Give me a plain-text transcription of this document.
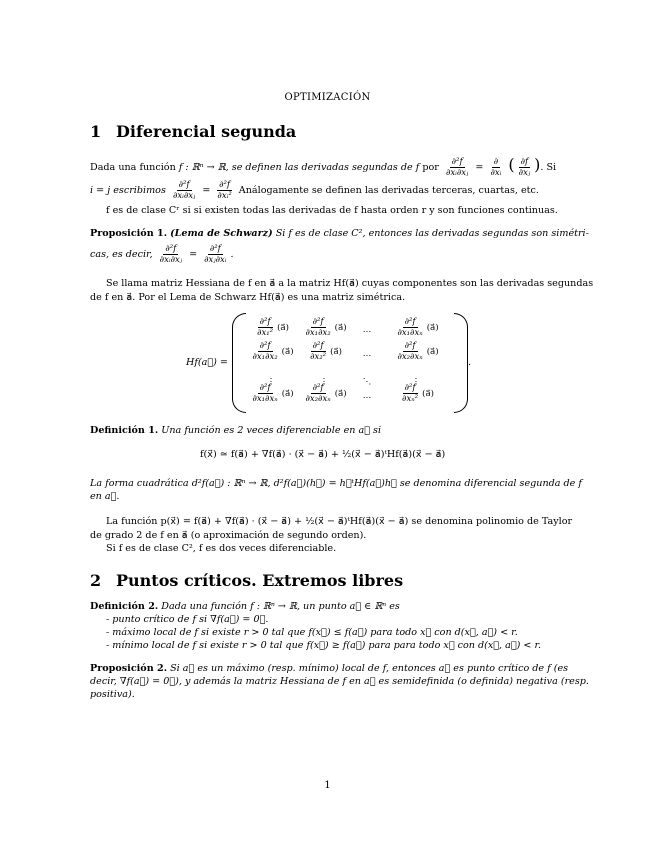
OPTIMIZACIÓN
1 Diferencial segunda
Dada una función f : ℝⁿ → ℝ, se definen las derivadas segundas de f por $\frac{\text{∂²f}}{\text{∂xᵢ∂xⱼ}} = \frac{\partial}{\text{∂xᵢ}}$ ( $\frac{\partial f}{\text{∂xⱼ}}$ ). Si
i = j escribimos $\frac{\text{∂²f}}{\text{∂xᵢ∂xⱼ}} = \frac{\text{∂²f}}{\text{∂xᵢ²}}$ Análogamente se definen las derivadas terceras, cuartas, etc.
f es de clase Cʳ si si existen todas las derivadas de f hasta orden r y son funciones continuas.
Proposición 1. (Lema de Schwarz) Si f es de clase C², entonces las derivadas segundas son simétri-
cas, es decir, $\frac{\text{∂²f}}{\text{∂xᵢ∂xⱼ}} = \frac{\text{∂²f}}{\text{∂xⱼ∂xᵢ}}$ .
Se llama matriz Hessiana de f en a⃗ a la matriz Hf(a⃗) cuyas componentes son las derivadas segundas
de f en a⃗. Por el Lema de Schwarz Hf(a⃗) es una matriz simétrica.
Hf(a⃗) =
$\frac{\text{∂²f}}{\text{∂x₁²}}$ (a⃗)	$\frac{\text{∂²f}}{\text{∂x₁∂x₂}}$ (a⃗)	…	$\frac{\text{∂²f}}{\text{∂x₁∂xₙ}}$ (a⃗)
$\frac{\text{∂²f}}{\text{∂x₁∂x₂}}$ (a⃗) $\frac{\text{∂²f}}{\text{∂x₂²}}$ (a⃗)	…	$\frac{\text{∂²f}}{\text{∂x₂∂xₙ}}$ (a⃗)
⋮	⋮	⋱	⋮
$\frac{\text{∂²f}}{\text{∂x₁∂xₙ}}$ (a⃗) $\frac{\text{∂²f}}{\text{∂x₂∂xₙ}}$ (a⃗)	…	$\frac{\text{∂²f}}{\text{∂xₙ²}}$ (a⃗)
.
Definición 1. Una función es 2 veces diferenciable en a⃗ si
f(x⃗) ≃ f(a⃗) + ∇f(a⃗) · (x⃗ − a⃗) + ½(x⃗ − a⃗)ᵗHf(a⃗)(x⃗ − a⃗)
La forma cuadrática d²f(a⃗) : ℝⁿ → ℝ, d²f(a⃗)(h⃗) = h⃗ᵗHf(a⃗)h⃗ se denomina diferencial segunda de f
en a⃗.
La función p(x⃗) = f(a⃗) + ∇f(a⃗) · (x⃗ − a⃗) + ½(x⃗ − a⃗)ᵗHf(a⃗)(x⃗ − a⃗) se denomina polinomio de Taylor
de grado 2 de f en a⃗ (o aproximación de segundo orden).
Si f es de clase C², f es dos veces diferenciable.
2 Puntos críticos. Extremos libres
Definición 2. Dada una función f : ℝⁿ → ℝ, un punto a⃗ ∈ ℝⁿ es
- punto crítico de f si ∇f(a⃗) = 0⃗.
- máximo local de f si existe r > 0 tal que f(x⃗) ≤ f(a⃗) para todo x⃗ con d(x⃗, a⃗) < r.
- mínimo local de f si existe r > 0 tal que f(x⃗) ≥ f(a⃗) para para todo x⃗ con d(x⃗, a⃗) < r.
Proposición 2. Si a⃗ es un máximo (resp. mínimo) local de f, entonces a⃗ es punto crítico de f (es
decir, ∇f(a⃗) = 0⃗), y además la matriz Hessiana de f en a⃗ es semidefinida (o definida) negativa (resp.
positiva).
1
